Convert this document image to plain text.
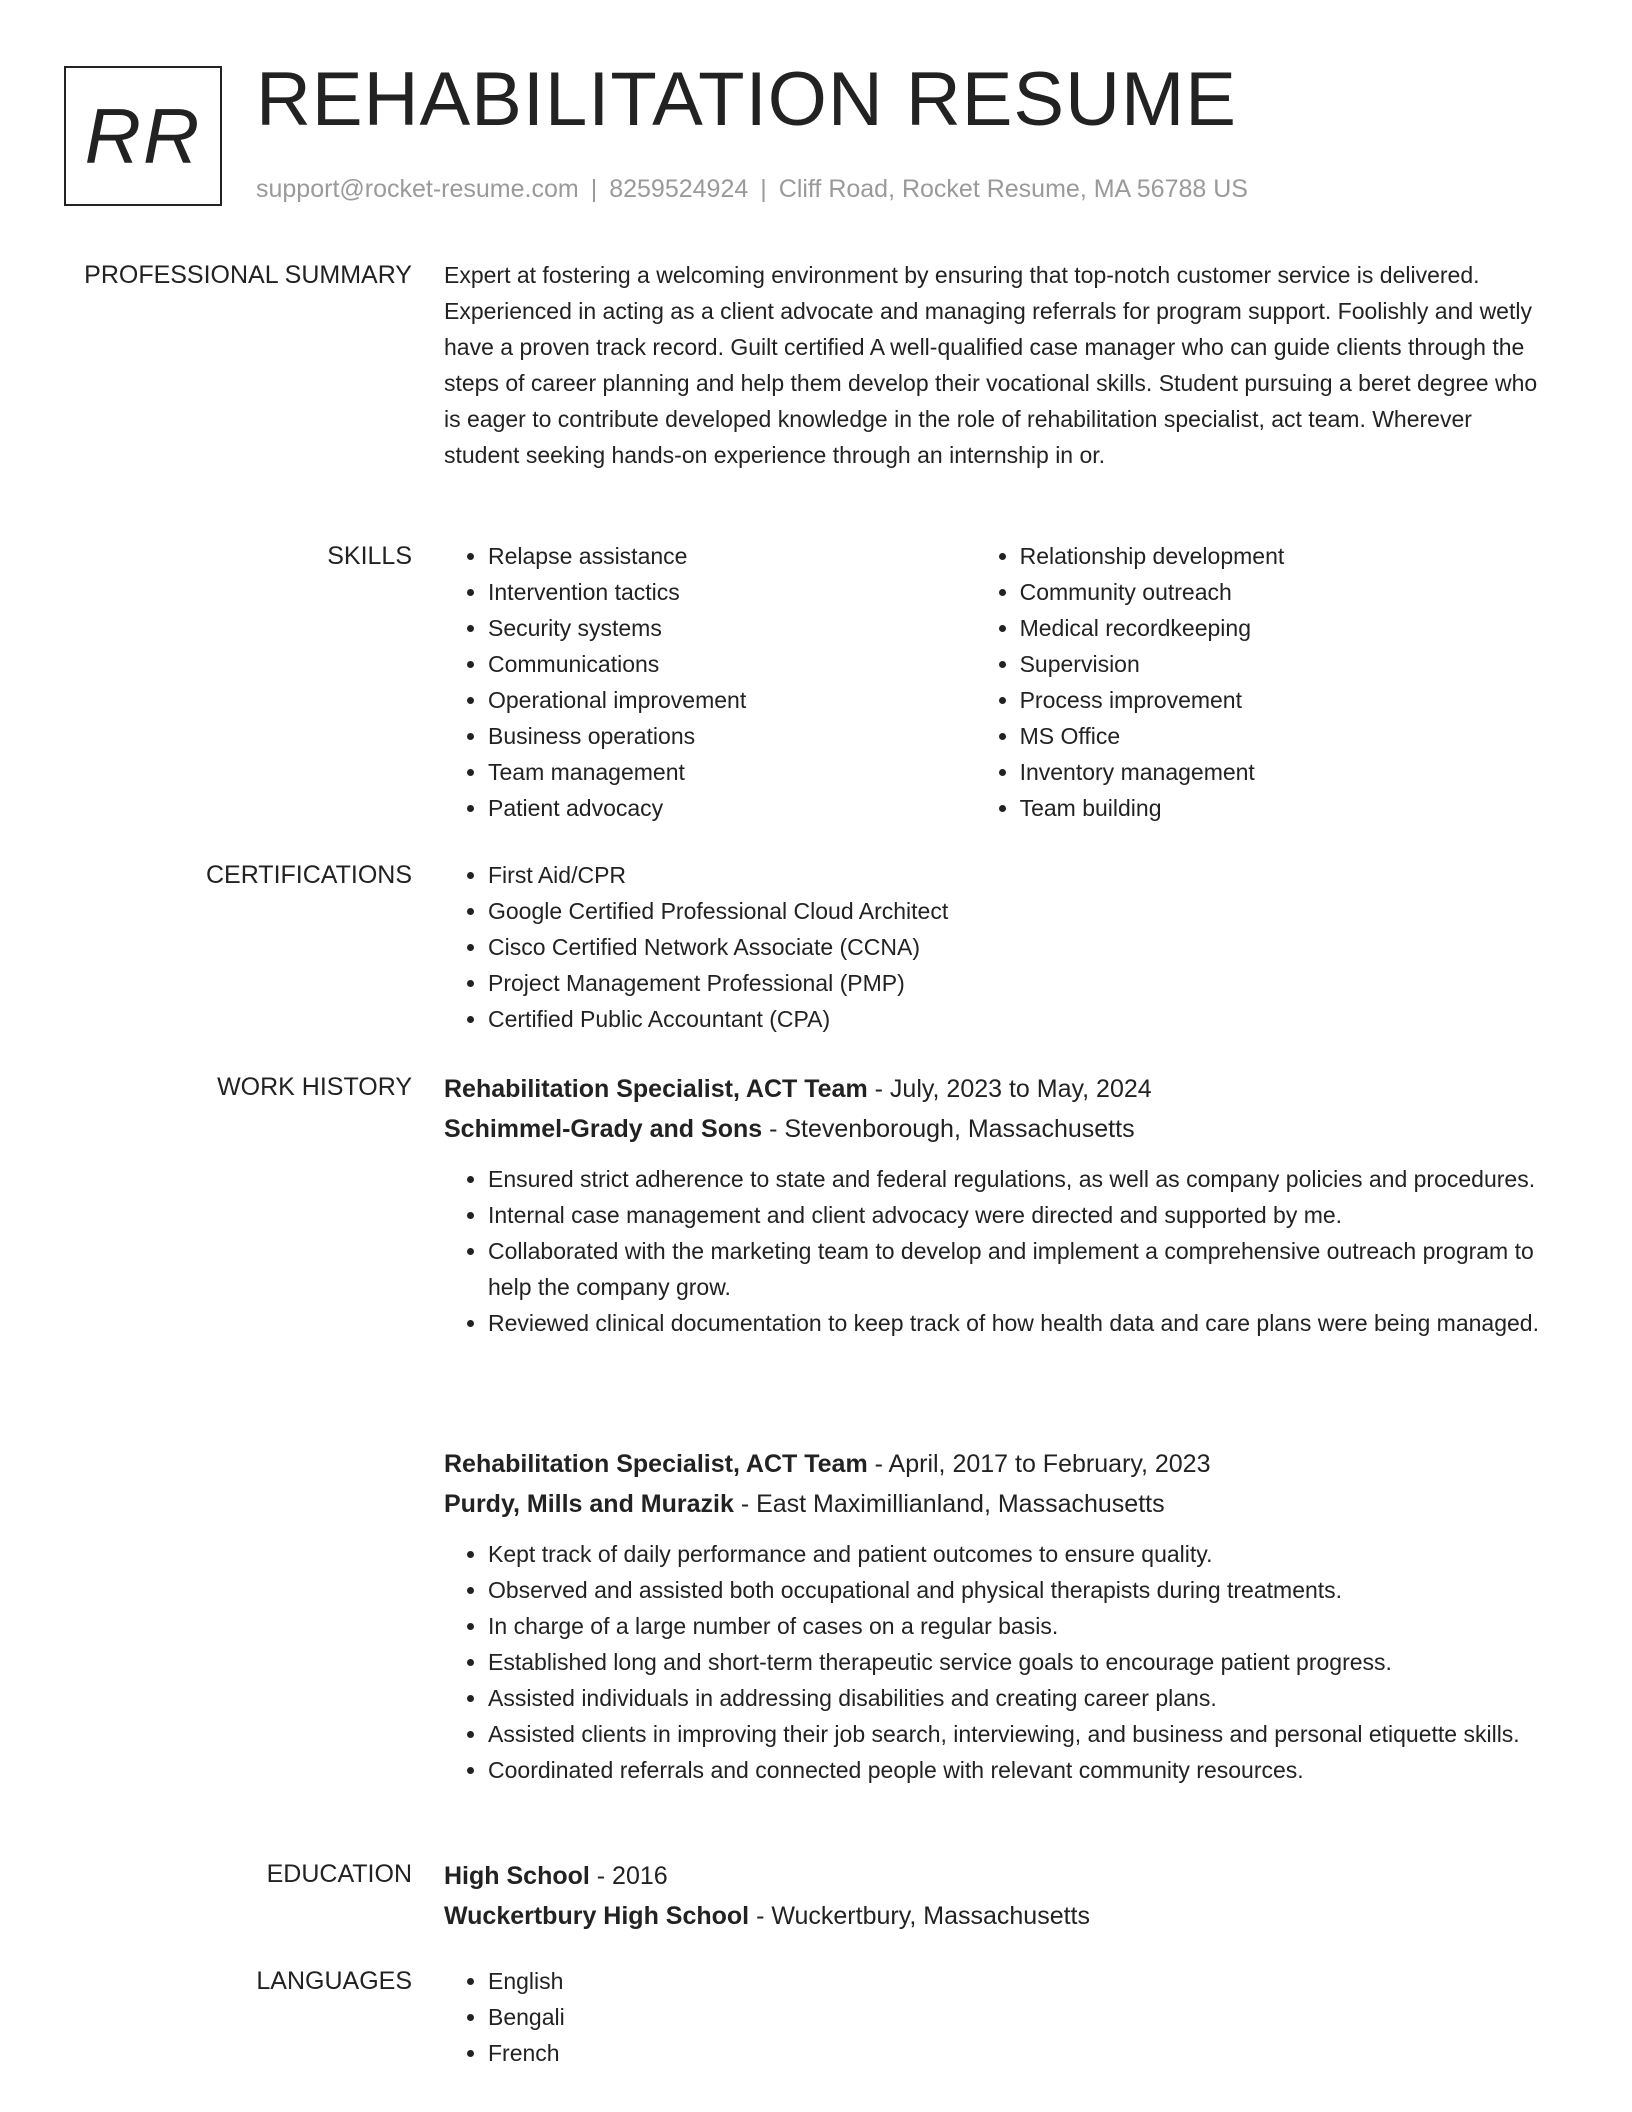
RR REHABILITATION RESUME
support@rocket-resume.com | 8259524924 | Cliff Road, Rocket Resume, MA 56788 US
PROFESSIONAL SUMMARY Expert at fostering a welcoming environment by ensuring that top-notch customer service is delivered. Experienced in acting as a client advocate and managing referrals for program support. Foolishly and wetly have a proven track record. Guilt certified A well-qualified case manager who can guide clients through the steps of career planning and help them develop their vocational skills. Student pursuing a beret degree who is eager to contribute developed knowledge in the role of rehabilitation specialist, act team. Wherever student seeking hands-on experience through an internship in or.

SKILLS	• Relapse assistance
• Intervention tactics
• Security systems
• Communications
• Operational improvement
• Business operations
• Team management
• Patient advocacy
• Relationship development
• Community outreach
• Medical recordkeeping
• Supervision
• Process improvement
• MS Office
• Inventory management
• Team building
CERTIFICATIONS	• First Aid/CPR
• Google Certified Professional Cloud Architect
• Cisco Certified Network Associate (CCNA)
• Project Management Professional (PMP)
• Certified Public Accountant (CPA)
WORK HISTORY Rehabilitation Specialist, ACT Team - July, 2023 to May, 2024
Schimmel-Grady and Sons - Stevenborough, Massachusetts
• Ensured strict adherence to state and federal regulations, as well as company policies and procedures.
• Internal case management and client advocacy were directed and supported by me.
• Collaborated with the marketing team to develop and implement a comprehensive outreach program to help the company grow.
• Reviewed clinical documentation to keep track of how health data and care plans were being managed.
Rehabilitation Specialist, ACT Team - April, 2017 to February, 2023
Purdy, Mills and Murazik - East Maximillianland, Massachusetts
• Kept track of daily performance and patient outcomes to ensure quality.
• Observed and assisted both occupational and physical therapists during treatments.
• In charge of a large number of cases on a regular basis.
• Established long and short-term therapeutic service goals to encourage patient progress.
• Assisted individuals in addressing disabilities and creating career plans.
• Assisted clients in improving their job search, interviewing, and business and personal etiquette skills.
• Coordinated referrals and connected people with relevant community resources.
EDUCATION High School - 2016
Wuckertbury High School - Wuckertbury, Massachusetts
LANGUAGES	• English
• Bengali
• French
